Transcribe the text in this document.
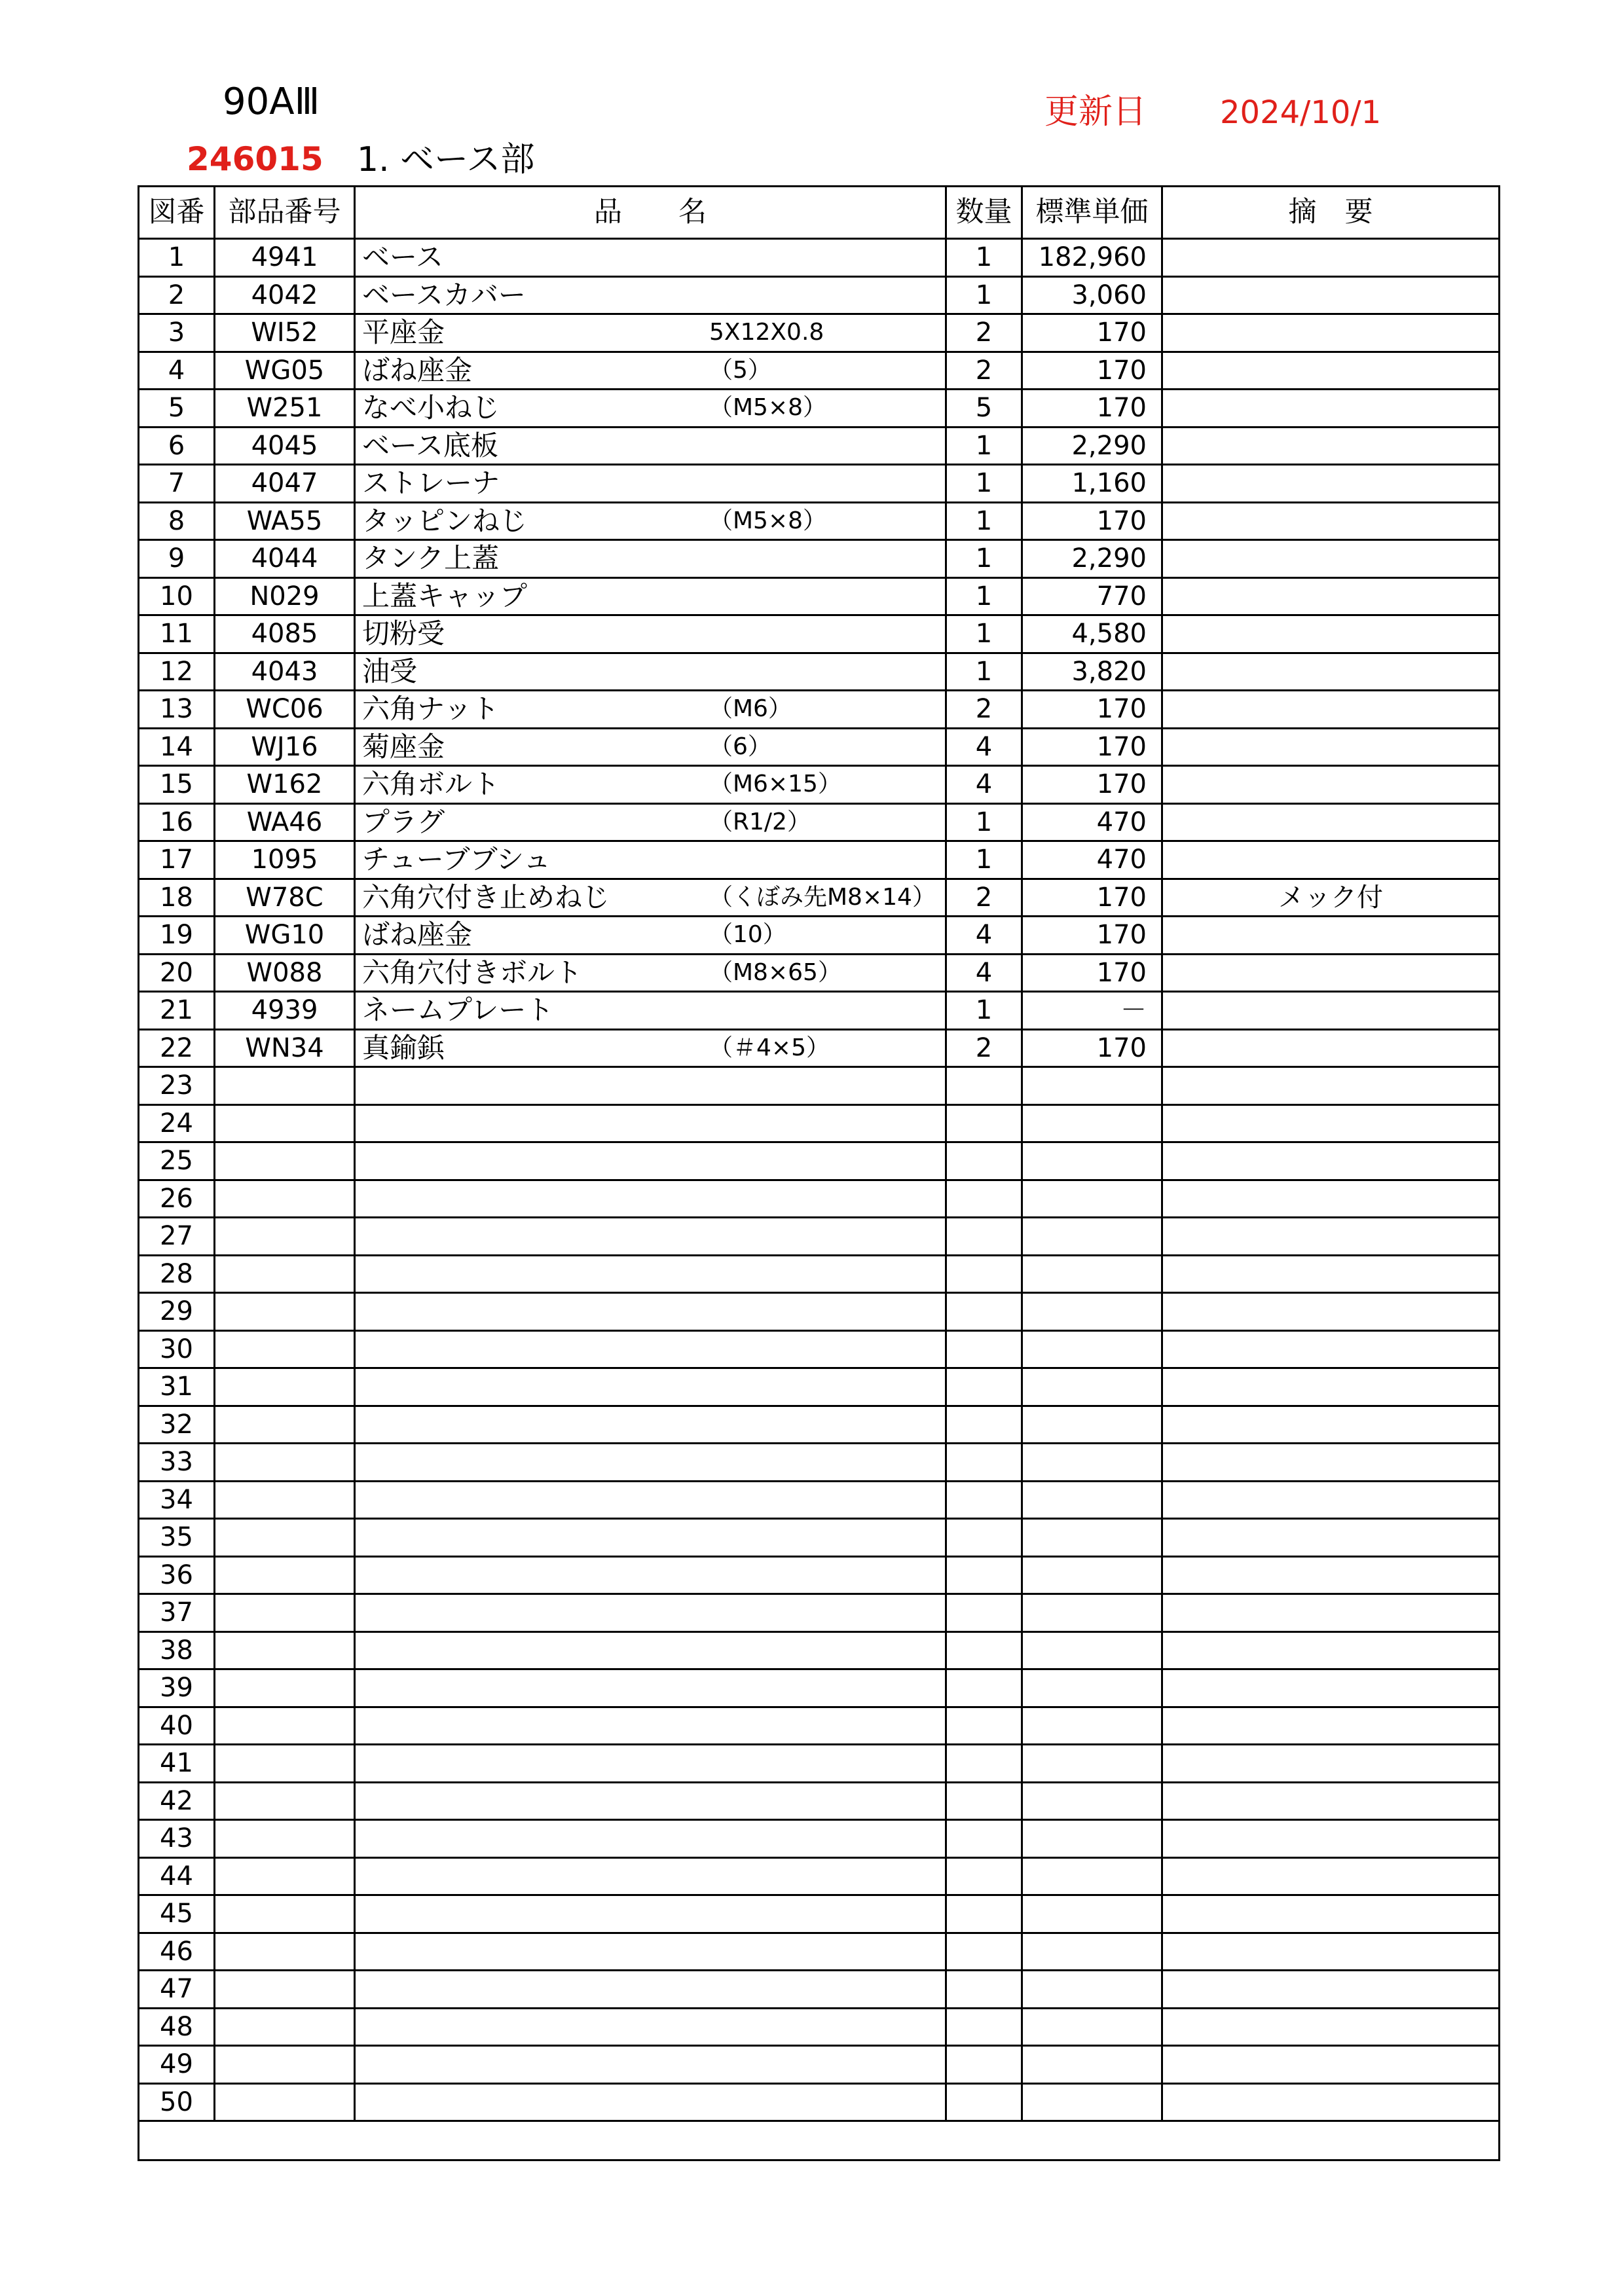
90AⅢ
246015 1. ベース部
更新日 2024/10/1
図番	部品番号	品　　名	数量	標準単価	摘　要
1	4941	ベース	1	182,960	
2	4042	ベースカバー	1	3,060	
3	WI52	平座金 5X12X0.8	2	170	
4	WG05	ばね座金 （5）	2	170	
5	W251	なべ小ねじ （M5×8）	5	170	
6	4045	ベース底板	1	2,290	
7	4047	ストレーナ	1	1,160	
8	WA55	タッピンねじ （M5×8）	1	170	
9	4044	タンク上蓋	1	2,290	
10	N029	上蓋キャップ	1	770	
11	4085	切粉受	1	4,580	
12	4043	油受	1	3,820	
13	WC06	六角ナット （M6）	2	170	
14	WJ16	菊座金 （6）	4	170	
15	W162	六角ボルト （M6×15）	4	170	
16	WA46	プラグ （R1/2）	1	470	
17	1095	チューブブシュ	1	470	
18	W78C	六角穴付き止めねじ （くぼみ先M8×14）	2	170	メック付
19	WG10	ばね座金 （10）	4	170	
20	W088	六角穴付きボルト （M8×65）	4	170	
21	4939	ネームプレート	1	－	
22	WN34	真鍮鋲 （＃4×5）	2	170	
23		

24		

25		

26		

27		

28		

29		

30		

31		

32		

33		

34		

35		

36		

37		

38		

39		

40		

41		

42		

43		

44		

45		

46		

47		

48		

49		

50		
